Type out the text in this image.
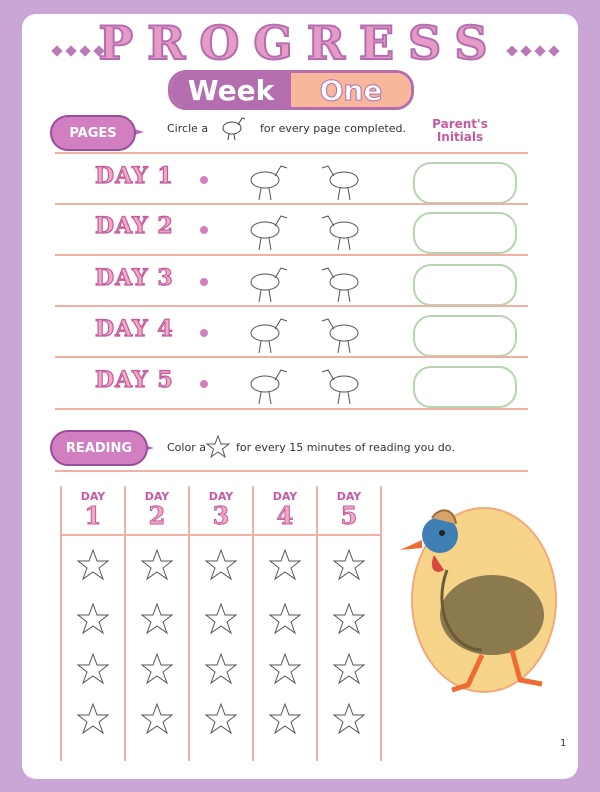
PROGRESS
Week	One
PAGES	Circle a	for every page completed.	Parent's Initials
DAY 1
DAY 2
DAY 3
DAY 4
DAY 5
READING	Color a	for every 15 minutes of reading you do.
DAY
1
DAY
2
DAY
3
DAY
4
DAY
5
1
